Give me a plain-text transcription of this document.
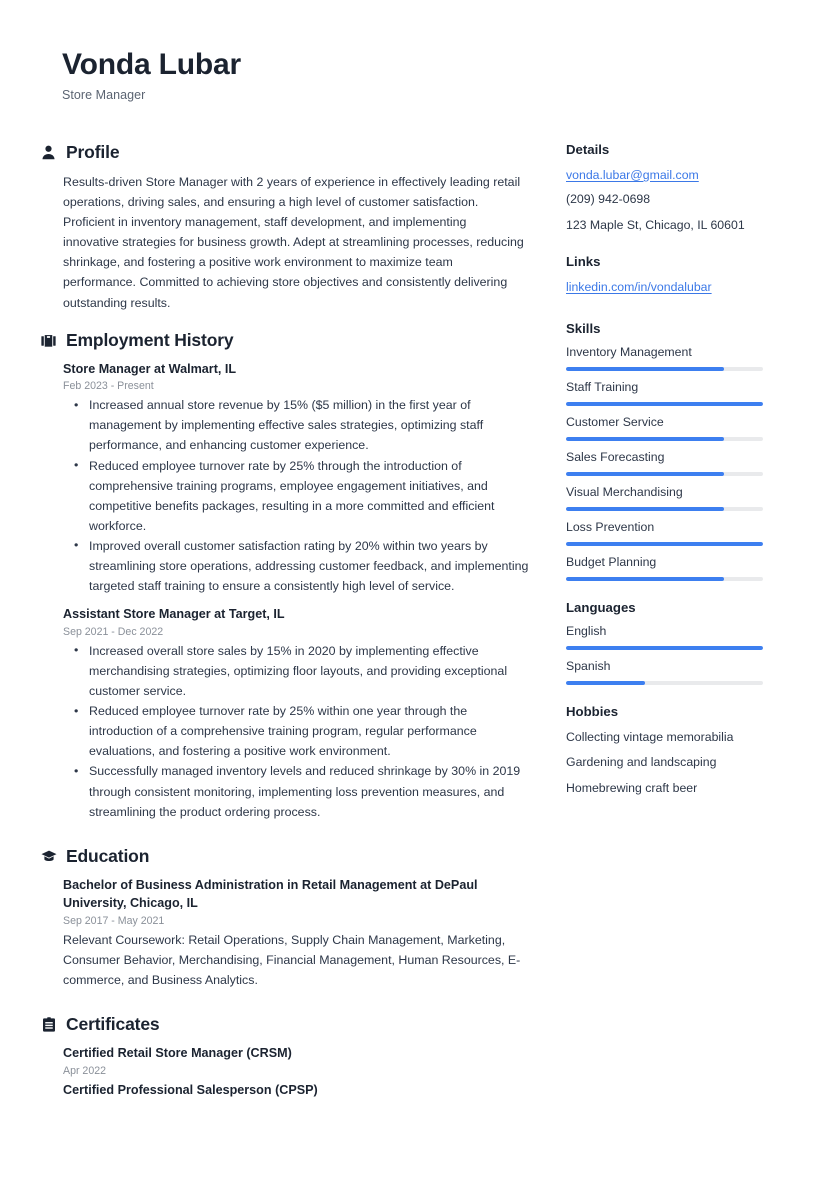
Vonda Lubar
Store Manager
Profile
Results-driven Store Manager with 2 years of experience in effectively leading retail operations, driving sales, and ensuring a high level of customer satisfaction. Proficient in inventory management, staff development, and implementing innovative strategies for business growth. Adept at streamlining processes, reducing shrinkage, and fostering a positive work environment to maximize team performance. Committed to achieving store objectives and consistently delivering outstanding results.
Employment History
Store Manager at Walmart, IL
Feb 2023 - Present
• Increased annual store revenue by 15% ($5 million) in the first year of management by implementing effective sales strategies, optimizing staff performance, and enhancing customer experience.
• Reduced employee turnover rate by 25% through the introduction of comprehensive training programs, employee engagement initiatives, and competitive benefits packages, resulting in a more committed and efficient workforce.
• Improved overall customer satisfaction rating by 20% within two years by streamlining store operations, addressing customer feedback, and implementing targeted staff training to ensure a consistently high level of service.
Assistant Store Manager at Target, IL
Sep 2021 - Dec 2022
• Increased overall store sales by 15% in 2020 by implementing effective merchandising strategies, optimizing floor layouts, and providing exceptional customer service.
• Reduced employee turnover rate by 25% within one year through the introduction of a comprehensive training program, regular performance evaluations, and fostering a positive work environment.
• Successfully managed inventory levels and reduced shrinkage by 30% in 2019 through consistent monitoring, implementing loss prevention measures, and streamlining the product ordering process.
Education
Bachelor of Business Administration in Retail Management at DePaul University, Chicago, IL
Sep 2017 - May 2021
Relevant Coursework: Retail Operations, Supply Chain Management, Marketing, Consumer Behavior, Merchandising, Financial Management, Human Resources, E-commerce, and Business Analytics.
Certificates
Certified Retail Store Manager (CRSM)
Apr 2022
Certified Professional Salesperson (CPSP)
Details
vonda.lubar@gmail.com
(209) 942-0698
123 Maple St, Chicago, IL 60601
Links
linkedin.com/in/vondalubar
Skills
Inventory Management
Staff Training
Customer Service
Sales Forecasting
Visual Merchandising
Loss Prevention
Budget Planning
Languages
English
Spanish
Hobbies
Collecting vintage memorabilia
Gardening and landscaping
Homebrewing craft beer
